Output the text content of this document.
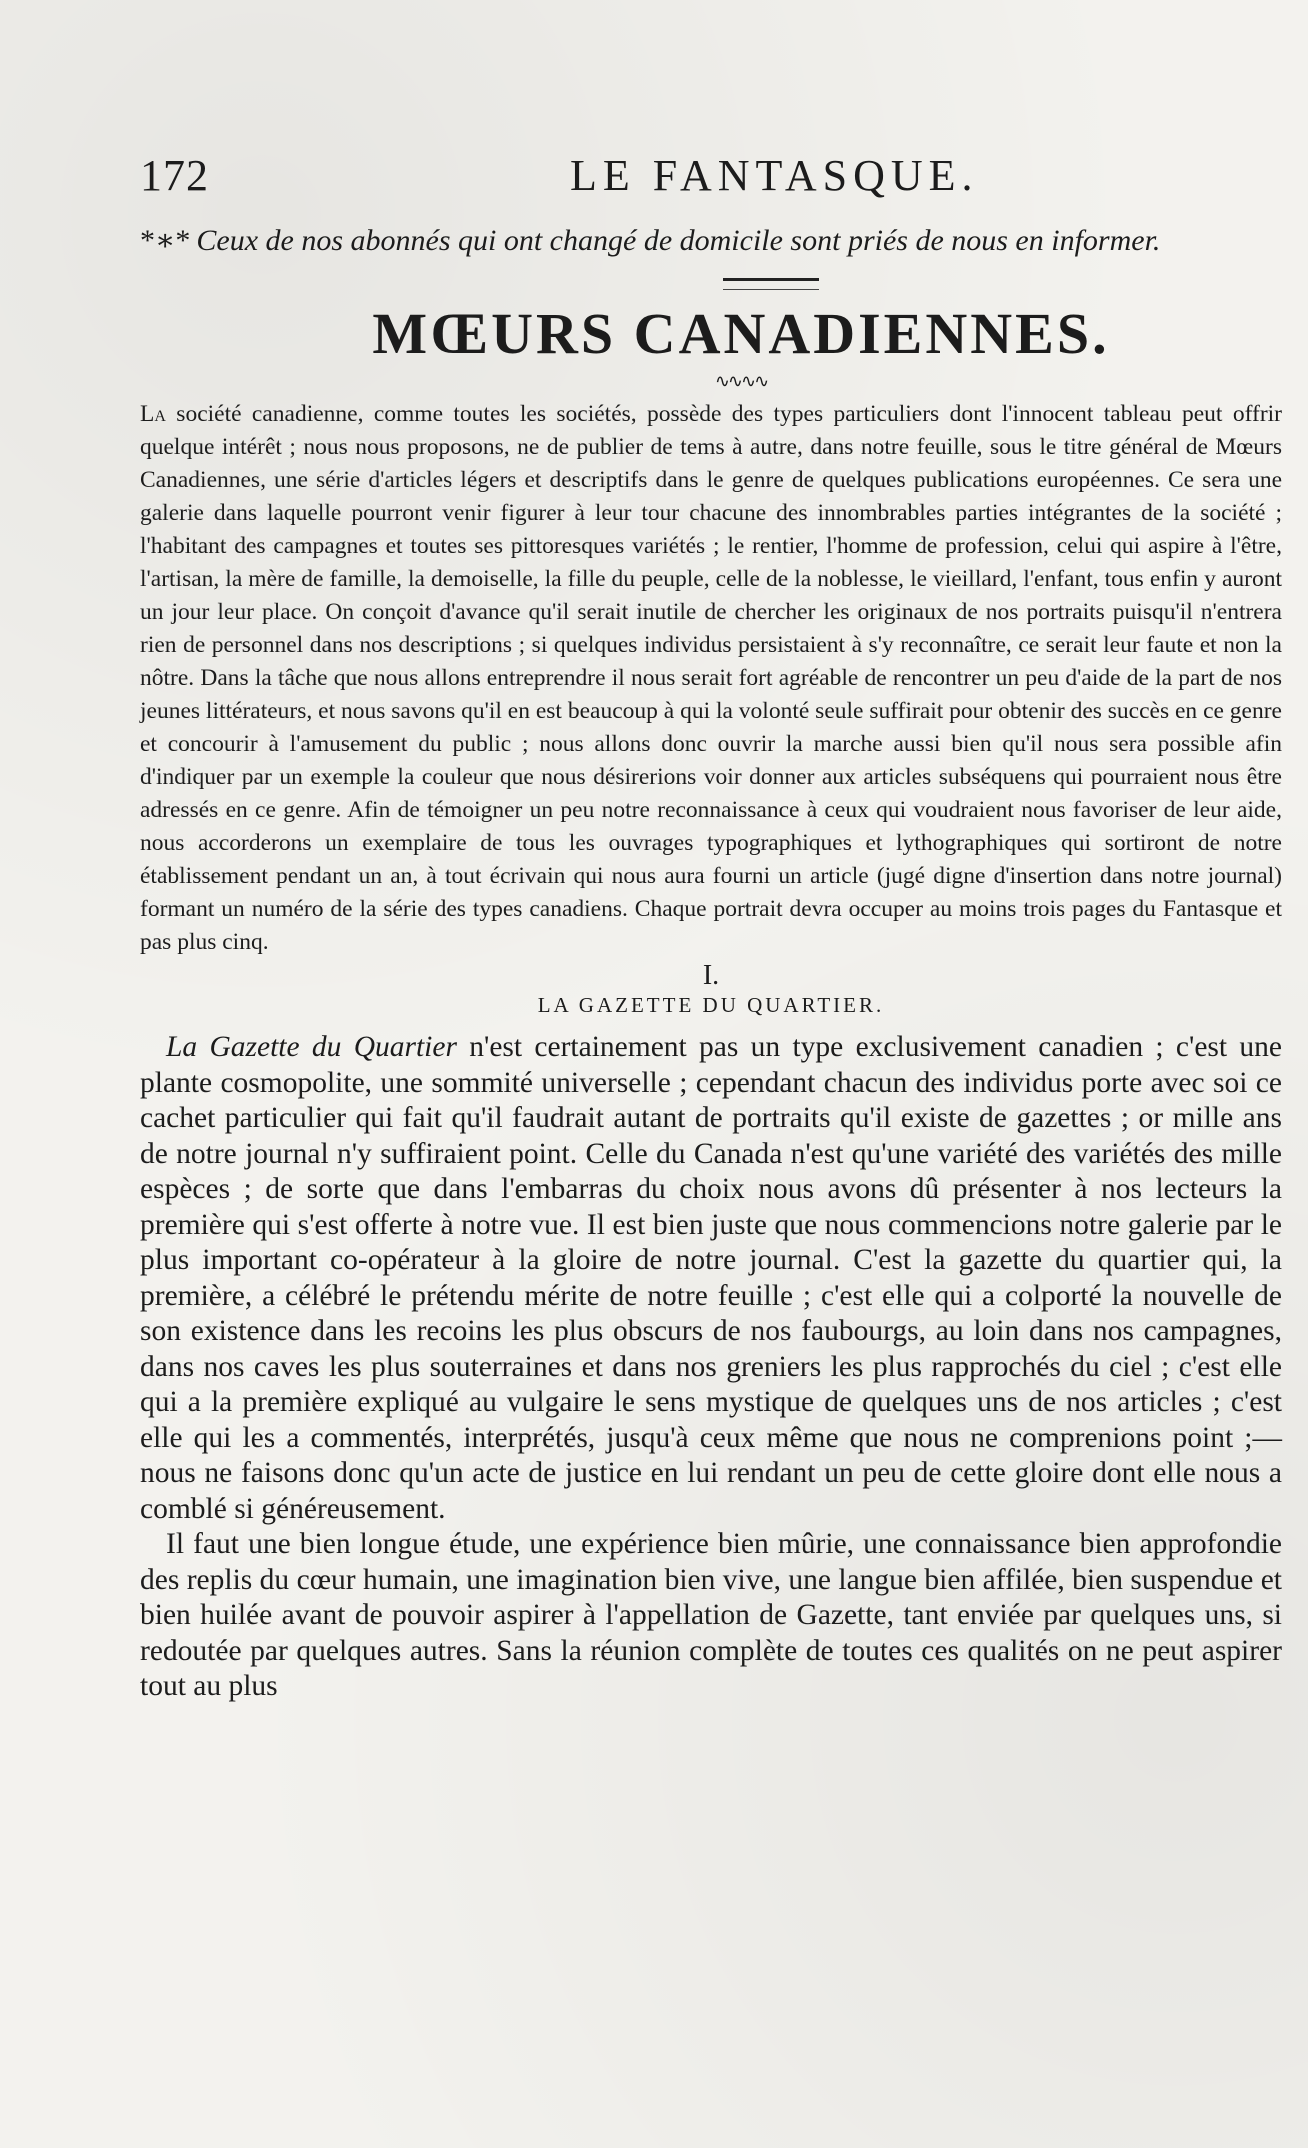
172	LE FANTASQUE.

*∗* Ceux de nos abonnés qui ont changé de domicile sont priés de nous en informer.

MŒURS CANADIENNES.
∿∿∿∿

La société canadienne, comme toutes les sociétés, possède des types particuliers dont l'innocent tableau peut offrir quelque intérêt ; nous nous proposons, ne de publier de tems à autre, dans notre feuille, sous le titre général de Mœurs Canadiennes, une série d'articles légers et descriptifs dans le genre de quelques publications européennes. Ce sera une galerie dans laquelle pourront venir figurer à leur tour chacune des innombrables parties intégrantes de la société ; l'habitant des campagnes et toutes ses pittoresques variétés ; le rentier, l'homme de profession, celui qui aspire à l'être, l'artisan, la mère de famille, la demoiselle, la fille du peuple, celle de la noblesse, le vieillard, l'enfant, tous enfin y auront un jour leur place. On conçoit d'avance qu'il serait inutile de chercher les originaux de nos portraits puisqu'il n'entrera rien de personnel dans nos descriptions ; si quelques individus persistaient à s'y reconnaître, ce serait leur faute et non la nôtre. Dans la tâche que nous allons entreprendre il nous serait fort agréable de rencontrer un peu d'aide de la part de nos jeunes littérateurs, et nous savons qu'il en est beaucoup à qui la volonté seule suffirait pour obtenir des succès en ce genre et concourir à l'amusement du public ; nous allons donc ouvrir la marche aussi bien qu'il nous sera possible afin d'indiquer par un exemple la couleur que nous désirerions voir donner aux articles subséquens qui pourraient nous être adressés en ce genre. Afin de témoigner un peu notre reconnaissance à ceux qui voudraient nous favoriser de leur aide, nous accorderons un exemplaire de tous les ouvrages typographiques et lythographiques qui sortiront de notre établissement pendant un an, à tout écrivain qui nous aura fourni un article (jugé digne d'insertion dans notre journal) formant un numéro de la série des types canadiens. Chaque portrait devra occuper au moins trois pages du Fantasque et pas plus cinq.

I.
LA GAZETTE DU QUARTIER.

La Gazette du Quartier n'est certainement pas un type exclusivement canadien ; c'est une plante cosmopolite, une sommité universelle ; cependant chacun des individus porte avec soi ce cachet particulier qui fait qu'il faudrait autant de portraits qu'il existe de gazettes ; or mille ans de notre journal n'y suffiraient point. Celle du Canada n'est qu'une variété des variétés des mille espèces ; de sorte que dans l'embarras du choix nous avons dû présenter à nos lecteurs la première qui s'est offerte à notre vue. Il est bien juste que nous commencions notre galerie par le plus important co-opérateur à la gloire de notre journal. C'est la gazette du quartier qui, la première, a célébré le prétendu mérite de notre feuille ; c'est elle qui a colporté la nouvelle de son existence dans les recoins les plus obscurs de nos faubourgs, au loin dans nos campagnes, dans nos caves les plus souterraines et dans nos greniers les plus rapprochés du ciel ; c'est elle qui a la première expliqué au vulgaire le sens mystique de quelques uns de nos articles ; c'est elle qui les a commentés, interprétés, jusqu'à ceux même que nous ne comprenions point ;—nous ne faisons donc qu'un acte de justice en lui rendant un peu de cette gloire dont elle nous a comblé si généreusement.

Il faut une bien longue étude, une expérience bien mûrie, une connaissance bien approfondie des replis du cœur humain, une imagination bien vive, une langue bien affilée, bien suspendue et bien huilée avant de pouvoir aspirer à l'appellation de Gazette, tant enviée par quelques uns, si redoutée par quelques autres. Sans la réunion complète de toutes ces qualités on ne peut aspirer tout au plus
